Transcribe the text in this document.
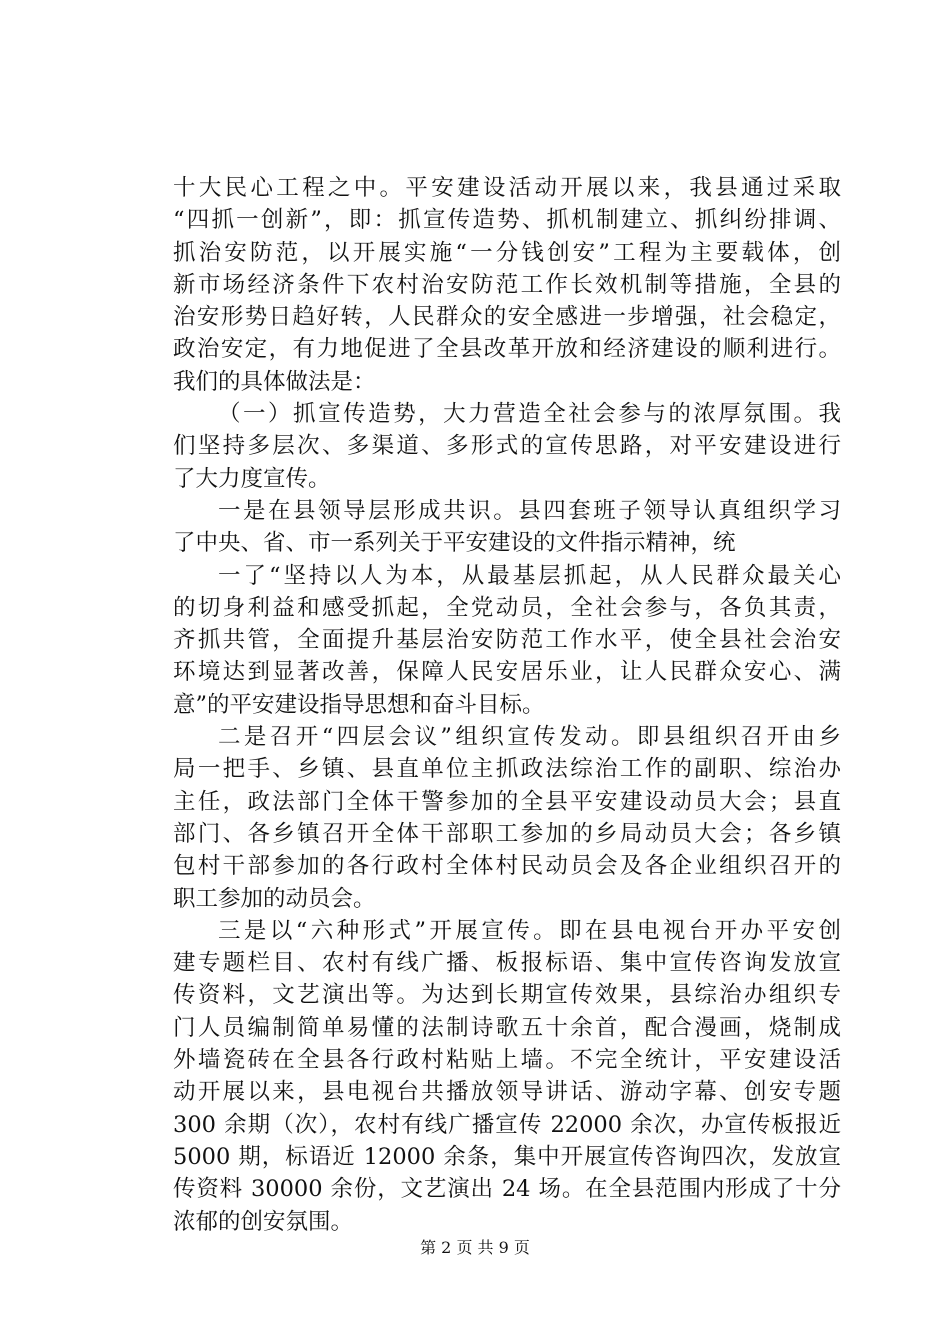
十大民心工程之中。平安建设活动开展以来，我县通过采取
“四抓一创新”，即：抓宣传造势、抓机制建立、抓纠纷排调、
抓治安防范，以开展实施“一分钱创安”工程为主要载体，创
新市场经济条件下农村治安防范工作长效机制等措施，全县的
治安形势日趋好转，人民群众的安全感进一步增强，社会稳定，
政治安定，有力地促进了全县改革开放和经济建设的顺利进行。
我们的具体做法是：
（一）抓宣传造势，大力营造全社会参与的浓厚氛围。我
们坚持多层次、多渠道、多形式的宣传思路，对平安建设进行
了大力度宣传。
一是在县领导层形成共识。县四套班子领导认真组织学习
了中央、省、市一系列关于平安建设的文件指示精神，统
一了“坚持以人为本，从最基层抓起，从人民群众最关心
的切身利益和感受抓起，全党动员，全社会参与，各负其责，
齐抓共管，全面提升基层治安防范工作水平，使全县社会治安
环境达到显著改善，保障人民安居乐业，让人民群众安心、满
意”的平安建设指导思想和奋斗目标。
二是召开“四层会议”组织宣传发动。即县组织召开由乡
局一把手、乡镇、县直单位主抓政法综治工作的副职、综治办
主任，政法部门全体干警参加的全县平安建设动员大会；县直
部门、各乡镇召开全体干部职工参加的乡局动员大会；各乡镇
包村干部参加的各行政村全体村民动员会及各企业组织召开的
职工参加的动员会。
三是以“六种形式”开展宣传。即在县电视台开办平安创
建专题栏目、农村有线广播、板报标语、集中宣传咨询发放宣
传资料，文艺演出等。为达到长期宣传效果，县综治办组织专
门人员编制简单易懂的法制诗歌五十余首，配合漫画，烧制成
外墙瓷砖在全县各行政村粘贴上墙。不完全统计，平安建设活
动开展以来，县电视台共播放领导讲话、游动字幕、创安专题
300 余期（次），农村有线广播宣传 22000 余次，办宣传板报近
5000 期，标语近 12000 余条，集中开展宣传咨询四次，发放宣
传资料 30000 余份，文艺演出 24 场。在全县范围内形成了十分
浓郁的创安氛围。
第 2 页 共 9 页
